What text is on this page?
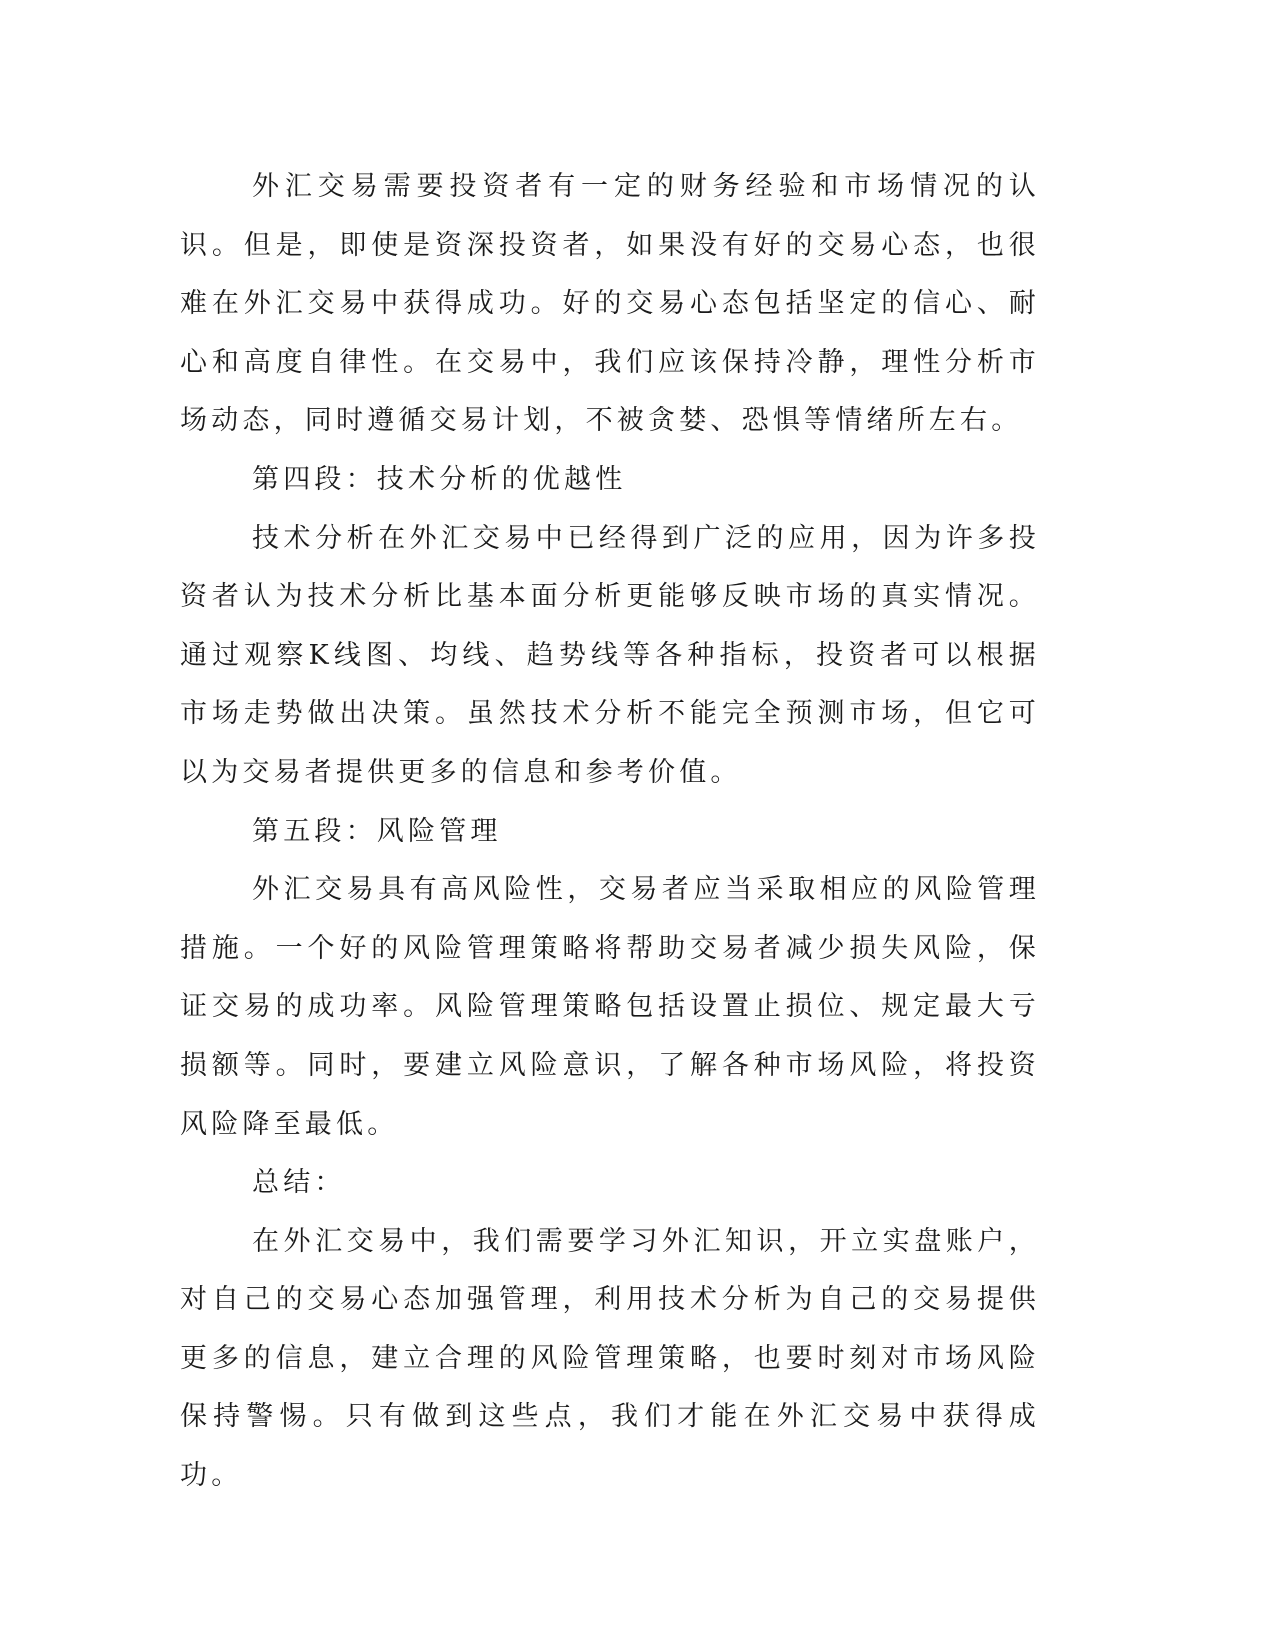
外汇交易需要投资者有一定的财务经验和市场情况的认识。但是，即使是资深投资者，如果没有好的交易心态，也很难在外汇交易中获得成功。好的交易心态包括坚定的信心、耐心和高度自律性。在交易中，我们应该保持冷静，理性分析市场动态，同时遵循交易计划，不被贪婪、恐惧等情绪所左右。

第四段：技术分析的优越性

技术分析在外汇交易中已经得到广泛的应用，因为许多投资者认为技术分析比基本面分析更能够反映市场的真实情况。通过观察K线图、均线、趋势线等各种指标，投资者可以根据市场走势做出决策。虽然技术分析不能完全预测市场，但它可以为交易者提供更多的信息和参考价值。

第五段：风险管理

外汇交易具有高风险性，交易者应当采取相应的风险管理措施。一个好的风险管理策略将帮助交易者减少损失风险，保证交易的成功率。风险管理策略包括设置止损位、规定最大亏损额等。同时，要建立风险意识，了解各种市场风险，将投资风险降至最低。

总结：

在外汇交易中，我们需要学习外汇知识，开立实盘账户，对自己的交易心态加强管理，利用技术分析为自己的交易提供更多的信息，建立合理的风险管理策略，也要时刻对市场风险保持警惕。只有做到这些点，我们才能在外汇交易中获得成功。
